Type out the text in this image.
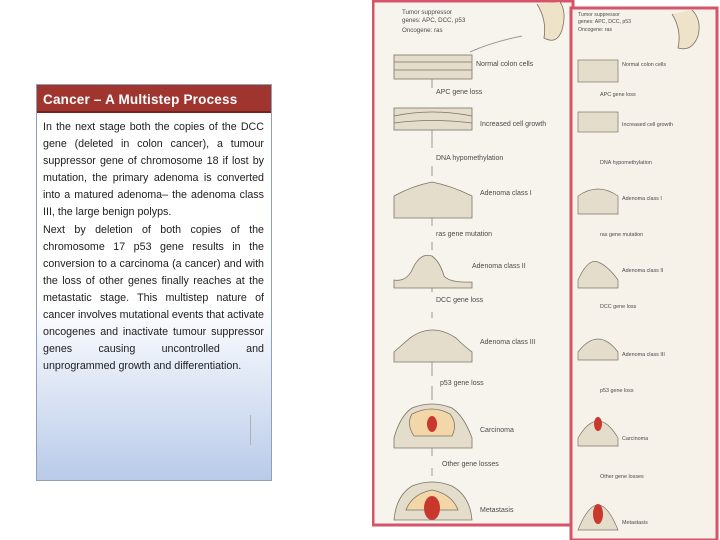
Cancer – A Multistep Process

In the next stage both the copies of the DCC gene (deleted in colon cancer), a tumour suppressor gene of chromosome 18 if lost by mutation, the primary adenoma is converted into a matured adenoma– the adenoma class III, the large benign polyps.

Next by deletion of both copies of the chromosome 17 p53 gene results in the conversion to a carcinoma (a cancer) and with the loss of other genes finally reaches at the metastatic stage. This multistep nature of cancer involves mutational events that activate oncogenes and inactivate tumour suppressor genes causing uncontrolled and unprogrammed growth and differentiation.

Tumor suppressor
genes: APC, DCC, p53
Oncogene: ras
Tumor suppressor
genes: APC, DCC, p53
Oncogene: ras
Normal colon cells
APC gene loss
Increased cell growth
DNA hypomethylation
Adenoma class I
ras gene mutation
Adenoma class II
DCC gene loss
Adenoma class III
p53 gene loss
Carcinoma
Other gene losses
Metastasis
Normal colon cells
APC gene loss
Increased cell growth
DNA hypomethylation
Adenoma class I
ras gene mutation
Adenoma class II
DCC gene loss
Adenoma class III
p53 gene loss
Carcinoma
Other gene losses
Metastasis
